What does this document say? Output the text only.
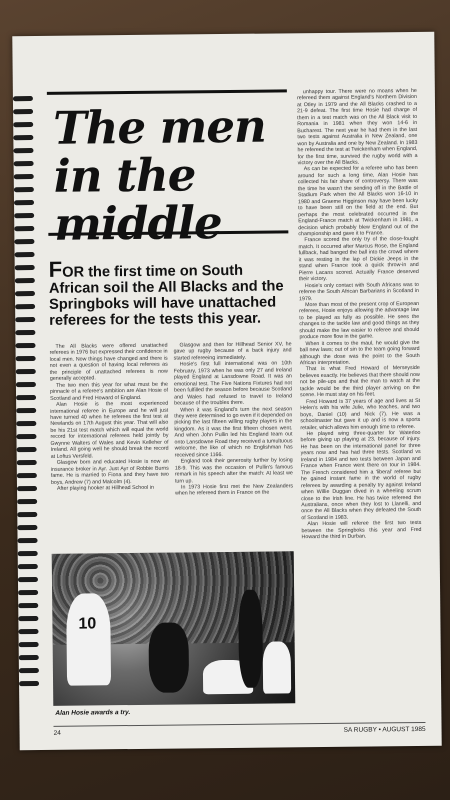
The men
in the middle
FOR the first time on South African soil the All Blacks and the Springboks will have unattached referees for the tests this year.

The All Blacks were offered unattached referees in 1976 but expressed their confidence in local men. Now things have changed and there is not even a question of having local referees as the principle of unattached referees is now generally accepted.

The two men this year for what must be the pinnacle of a referee's ambition are Alan Hosie of Scotland and Fred Howard of England.

Alan Hosie is the most experienced international referee in Europe and he will just have turned 40 when he referees the first test at Newlands on 17th August this year. That will also be his 21st test match which will equal the world record for international referees held jointly by Gwynne Walters of Wales and Kevin Kelleher of Ireland. All going well he should break the record at Loftus Versfeld.

Glasgow born and educated Hosie is now an insurance broker in Ayr. Just Ayr of Robbie Burns fame. He is married to Fiona and they have two boys, Andrew (7) and Malcolm (4).

After playing hooker at Hillhead School in

Glasgow and then for Hillhead Senior XV, he gave up rugby because of a back injury and started refereeing immediately.

Hosie's first full international was on 10th February, 1973 when he was only 27 and Ireland played England at Lansdowne Road. It was an emotional test. The Five Nations Fixtures had not been fulfilled the season before because Scotland and Wales had refused to travel to Ireland because of the troubles there.

When it was England's turn the next season they were determined to go even if it depended on picking the last fifteen willing rugby players in the kingdom. As it was the first fifteen chosen went. And when John Pullin led his England team out onto Lansdowne Road they received a tumultuous welcome, the like of which no Englishman has received since 1166.

England took their generosity further by losing 18-9. This was the occasion of Pullin's famous remark in his speech after the match: At least we turn up.

In 1973 Hosie first met the New Zealanders when he refereed them in France on the

unhappy tour. There were no moans when he refereed them against England's Northern Division at Otley in 1979 and the All Blacks crashed to a 21-9 defeat. The first time Hosie had charge of them in a test match was on the All Black visit to Romania in 1981 when they won 14-6 in Bucharest. The next year he had them in the last two tests against Australia in New Zealand, one won by Australia and one by New Zealand. In 1983 he refereed the test at Twickenham when England, for the first time, survived the rugby world with a victory over the All Blacks.

As can be expected for a referee who has been around for such a long time, Alan Hosie has collected his fair share of controversy. There was the time he wasn't the sending off in the Battle of Stadium Park when the All Blacks won 16-10 in 1980 and Graeme Higginson may have been lucky to have been still on the field at the end. But perhaps the most celebrated occurred in the England-France match at Twickenham in 1981, a decision which probably blew England out of the championship and gave it to France.

France scored the only try of the close-fought match. It occurred after Marcus Rose, the England fullback, had banged the ball into the crowd where it was resting in the lap of Dickie Jeeps in the stand when France took a quick throw-in and Pierre Lacans scored. Actually France deserved their victory.

Hosie's only contact with South Africans was to referee the South African Barbarians in Scotland in 1979.

More than most of the present crop of European referees, Hosie enjoys allowing the advantage law to be played as fully as possible. He sees the changes to the tackle law and good things as they should make the law easier to referee and should produce more flow in the game.

When it comes to the maul, he would give the ball new laws; out of sin to the team going forward although the dose was the point to the South African interpretation.

That is what Fred Howard of Merseyside believes exactly. He believes that there should now not be pile-ups and that the man to watch at the tackle would be the third player arriving on the scene. He must stay on his feet.

Fred Howard is 37 years of age and lives at St Helen's with his wife Julie, who teaches, and two boys, Daniel (10) and Nick (7). He was a schoolmaster but gave it up and is now a sports retailer, which allows him enough time to referee.

He played wing three-quarter for Waterloo before giving up playing at 23, because of injury. He has been on the international panel for three years now and has had three tests. Scotland vs Ireland in 1984 and two tests between Japan and France when France went there on tour in 1984. The French considered him a 'liberal' referee but he gained instant fame in the world of rugby referees by awarding a penalty try against Ireland when Willie Duggan dived in a wheeling scrum close to the Irish line. He has twice refereed the Australians, once when they lost to Llanelli, and once the All Blacks when they defeated the South of Scotland in 1983.

Alan Hosie will referee the first two tests between the Springboks this year and Fred Howard the third in Durban.

10
Alan Hosie awards a try.
24	SA RUGBY • AUGUST 1985
